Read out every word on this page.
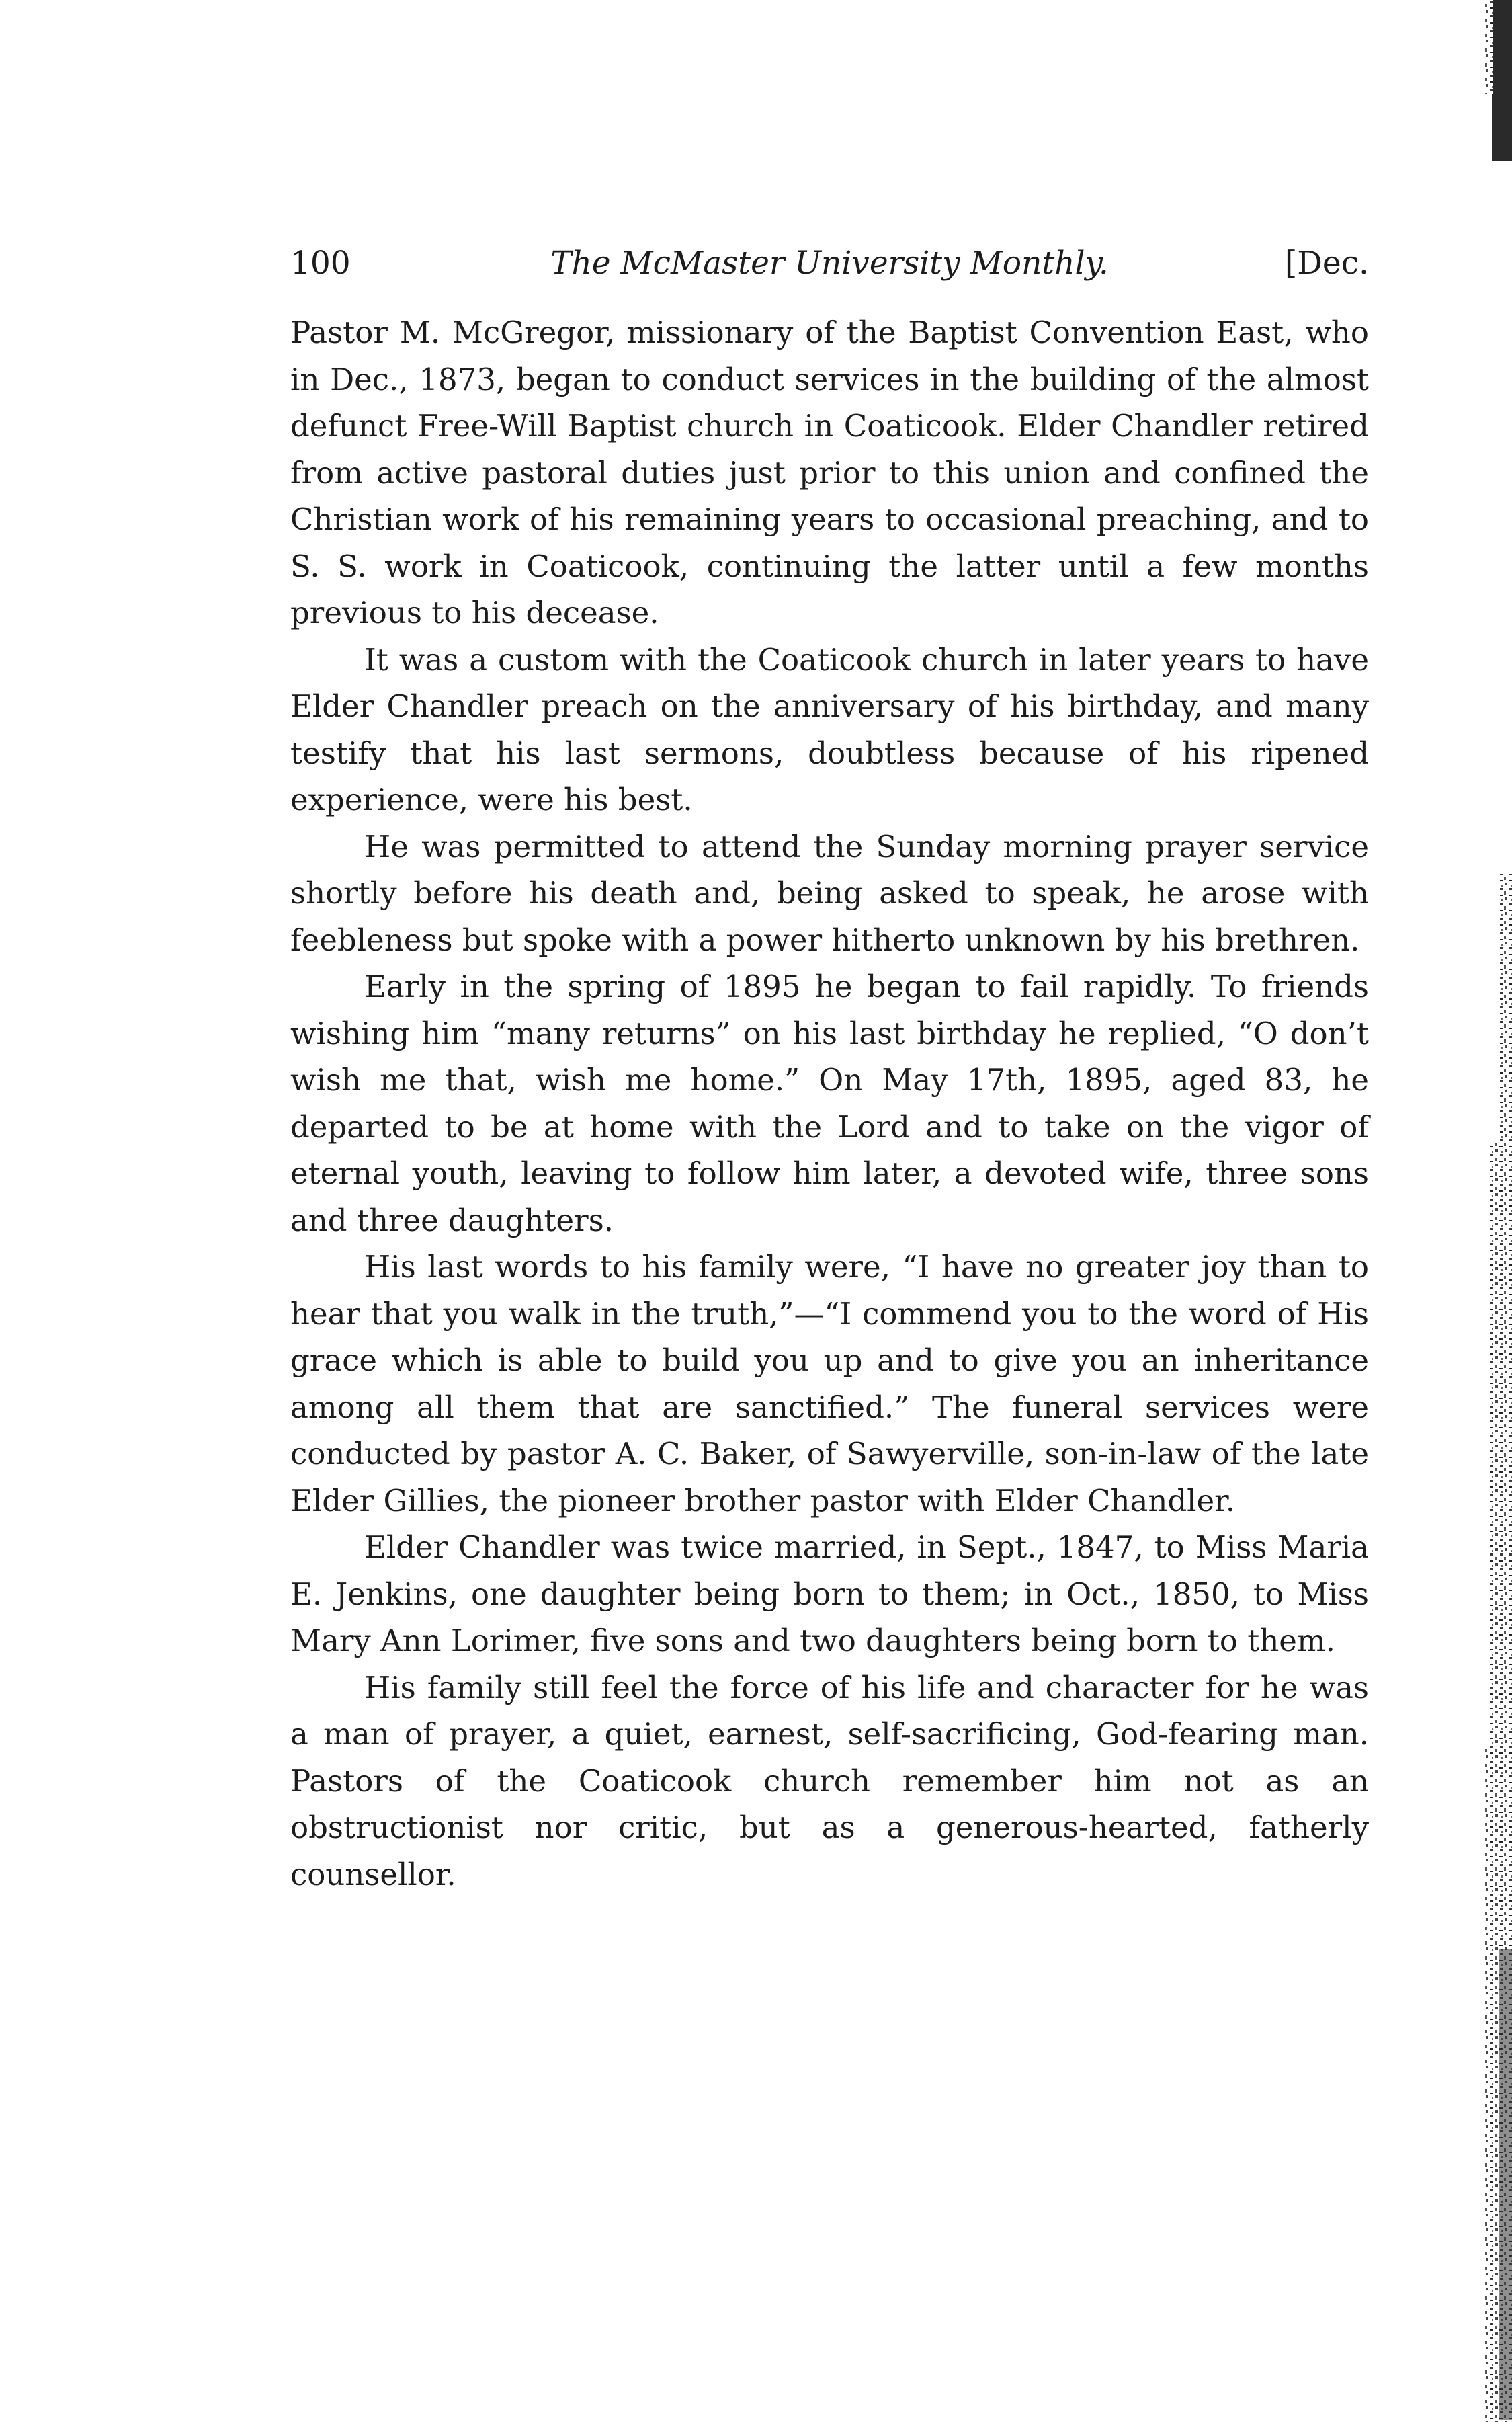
100	The McMaster University Monthly.	[Dec.

Pastor M. McGregor, missionary of the Baptist Convention East, who in Dec., 1873, began to conduct services in the building of the almost defunct Free-Will Baptist church in Coaticook. Elder Chandler retired from active pastoral duties just prior to this union and confined the Christian work of his remaining years to occasional preaching, and to S. S. work in Coaticook, continuing the latter until a few months previous to his decease.

It was a custom with the Coaticook church in later years to have Elder Chandler preach on the anniversary of his birthday, and many testify that his last sermons, doubtless because of his ripened experience, were his best.

He was permitted to attend the Sunday morning prayer service shortly before his death and, being asked to speak, he arose with feebleness but spoke with a power hitherto unknown by his brethren.

Early in the spring of 1895 he began to fail rapidly. To friends wishing him “many returns” on his last birthday he replied, “O don’t wish me that, wish me home.” On May 17th, 1895, aged 83, he departed to be at home with the Lord and to take on the vigor of eternal youth, leaving to follow him later, a devoted wife, three sons and three daughters.

His last words to his family were, “I have no greater joy than to hear that you walk in the truth,”—“I commend you to the word of His grace which is able to build you up and to give you an inheritance among all them that are sanctified.” The funeral services were conducted by pastor A. C. Baker, of Sawyerville, son-in-law of the late Elder Gillies, the pioneer brother pastor with Elder Chandler.

Elder Chandler was twice married, in Sept., 1847, to Miss Maria E. Jenkins, one daughter being born to them; in Oct., 1850, to Miss Mary Ann Lorimer, five sons and two daughters being born to them.

His family still feel the force of his life and character for he was a man of prayer, a quiet, earnest, self-sacrificing, God-fearing man. Pastors of the Coaticook church remember him not as an obstructionist nor critic, but as a generous-hearted, fatherly counsellor.
